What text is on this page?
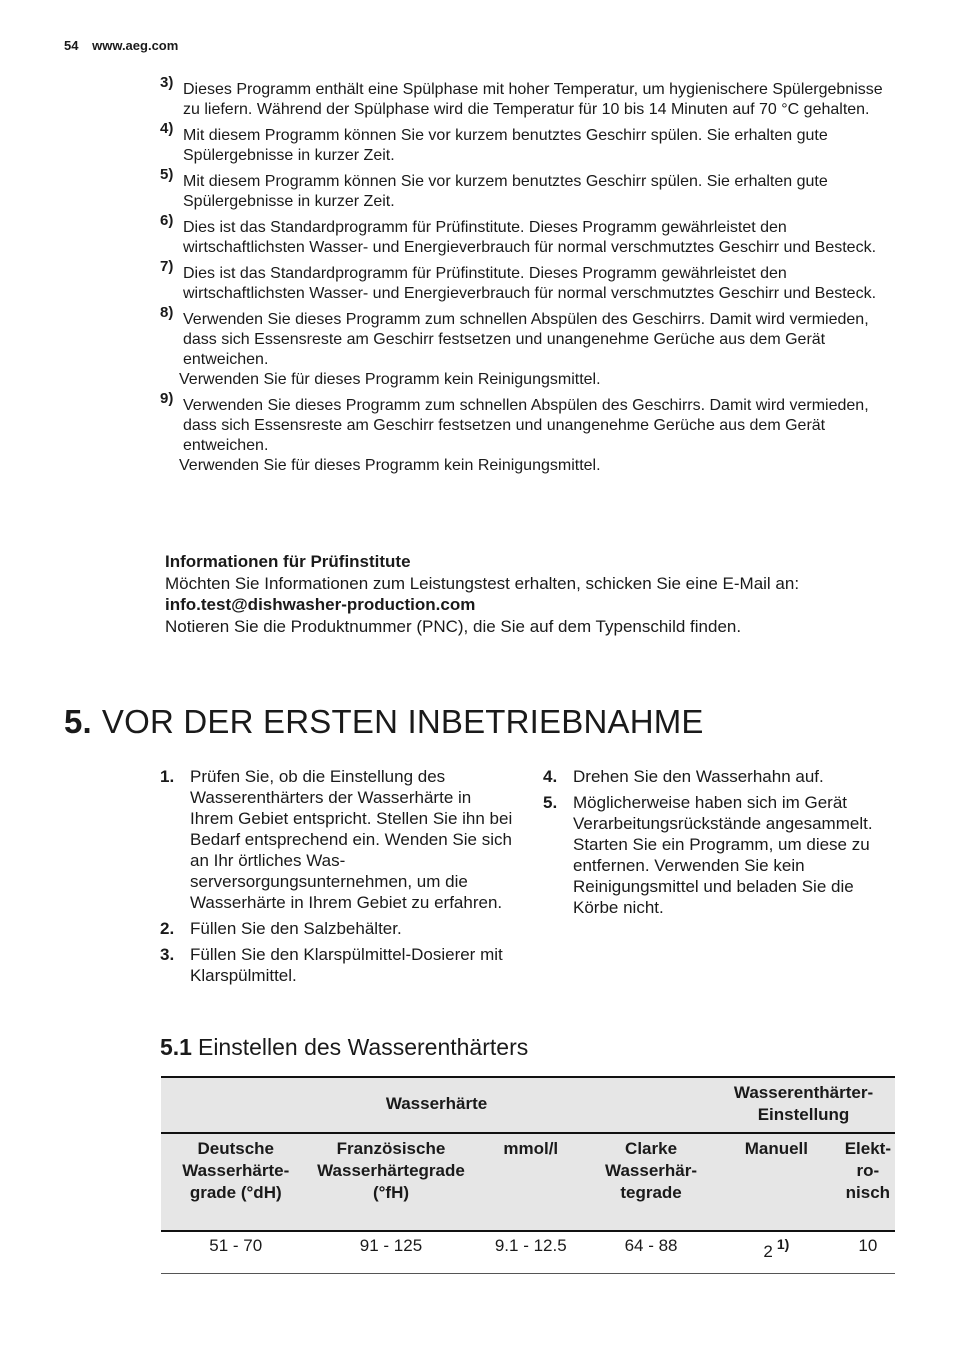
54 www.aeg.com
3) Dieses Programm enthält eine Spülphase mit hoher Temperatur, um hygienischere Spülergebnisse zu liefern. Während der Spülphase wird die Temperatur für 10 bis 14 Minuten auf 70 °C gehalten.
4) Mit diesem Programm können Sie vor kurzem benutztes Geschirr spülen. Sie erhalten gute Spülergebnisse in kurzer Zeit.
5) Mit diesem Programm können Sie vor kurzem benutztes Geschirr spülen. Sie erhalten gute Spülergebnisse in kurzer Zeit.
6) Dies ist das Standardprogramm für Prüfinstitute. Dieses Programm gewährleistet den wirtschaftlichsten Wasser- und Energieverbrauch für normal verschmutztes Geschirr und Besteck.
7) Dies ist das Standardprogramm für Prüfinstitute. Dieses Programm gewährleistet den wirtschaftlichsten Wasser- und Energieverbrauch für normal verschmutztes Geschirr und Besteck.
8) Verwenden Sie dieses Programm zum schnellen Abspülen des Geschirrs. Damit wird vermieden, dass sich Essensreste am Geschirr festsetzen und unangenehme Gerüche aus dem Gerät entweichen.
Verwenden Sie für dieses Programm kein Reinigungsmittel.
9) Verwenden Sie dieses Programm zum schnellen Abspülen des Geschirrs. Damit wird vermieden, dass sich Essensreste am Geschirr festsetzen und unangenehme Gerüche aus dem Gerät entweichen.
Verwenden Sie für dieses Programm kein Reinigungsmittel.
Informationen für Prüfinstitute
Möchten Sie Informationen zum Leistungstest erhalten, schicken Sie eine E-Mail an:
info.test@dishwasher-production.com
Notieren Sie die Produktnummer (PNC), die Sie auf dem Typenschild finden.
5. VOR DER ERSTEN INBETRIEBNAHME
1. Prüfen Sie, ob die Einstellung des Wasserenthärters der Wasserhärte in Ihrem Gebiet entspricht. Stellen Sie ihn bei Bedarf entsprechend ein. Wenden Sie sich an Ihr örtliches Wasserversorgungsunternehmen, um die Wasserhärte in Ihrem Gebiet zu erfahren.
2. Füllen Sie den Salzbehälter.
3. Füllen Sie den Klarspülmittel-Dosierer mit Klarspülmittel.
4. Drehen Sie den Wasserhahn auf.
5. Möglicherweise haben sich im Gerät Verarbeitungsrückstände angesammelt. Starten Sie ein Programm, um diese zu entfernen. Verwenden Sie kein Reinigungsmittel und beladen Sie die Körbe nicht.
5.1 Einstellen des Wasserenthärters
Wasserhärte				Wasserenthärter-Einstellung	
Deutsche Wasserhärtegrade (°dH)	Französische Wasserhärtegrade (°fH)	mmol/l	Clarke Wasserhärtegrade	Manuell	Elektronisch
51 - 70	91 - 125	9.1 - 12.5	64 - 88	2 $^{1)}$	10
